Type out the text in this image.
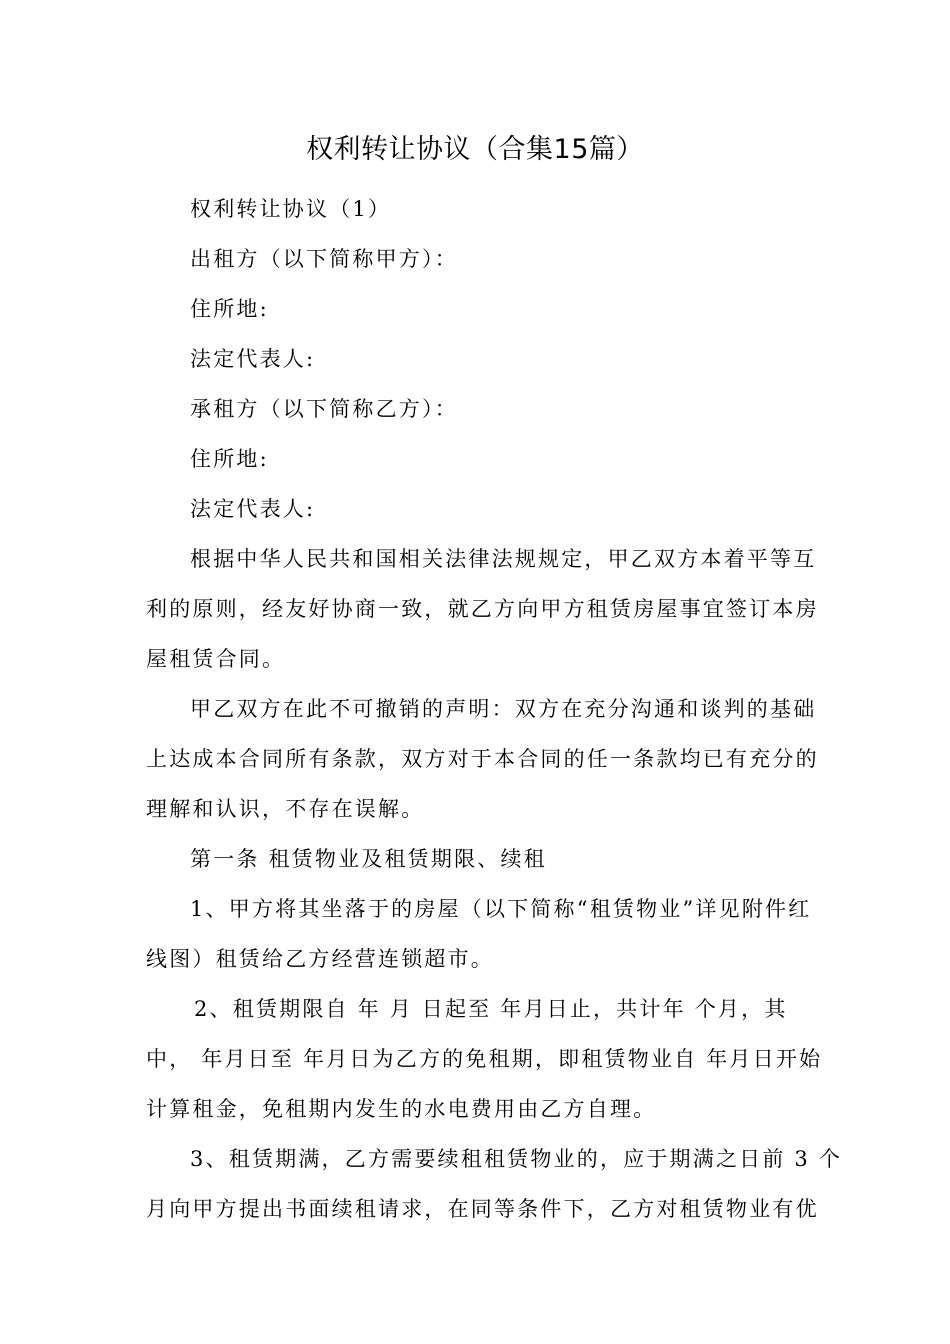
权利转让协议（合集15篇）

权利转让协议（1）

出租方（以下简称甲方）：

住所地:

法定代表人:

承租方（以下简称乙方）：

住所地:

法定代表人:

根据中华人民共和国相关法律法规规定，甲乙双方本着平等互

利的原则，经友好协商一致，就乙方向甲方租赁房屋事宜签订本房

屋租赁合同。

甲乙双方在此不可撤销的声明：双方在充分沟通和谈判的基础

上达成本合同所有条款，双方对于本合同的任一条款均已有充分的

理解和认识，不存在误解。

第一条 租赁物业及租赁期限、续租

1、甲方将其坐落于的房屋（以下简称“租赁物业”详见附件红

线图）租赁给乙方经营连锁超市。

2、租赁期限自 年 月 日起至 年月日止，共计年 个月，其

中， 年月日至 年月日为乙方的免租期，即租赁物业自 年月日开始

计算租金，免租期内发生的水电费用由乙方自理。

3、租赁期满，乙方需要续租租赁物业的，应于期满之日前 3 个

月向甲方提出书面续租请求，在同等条件下，乙方对租赁物业有优
